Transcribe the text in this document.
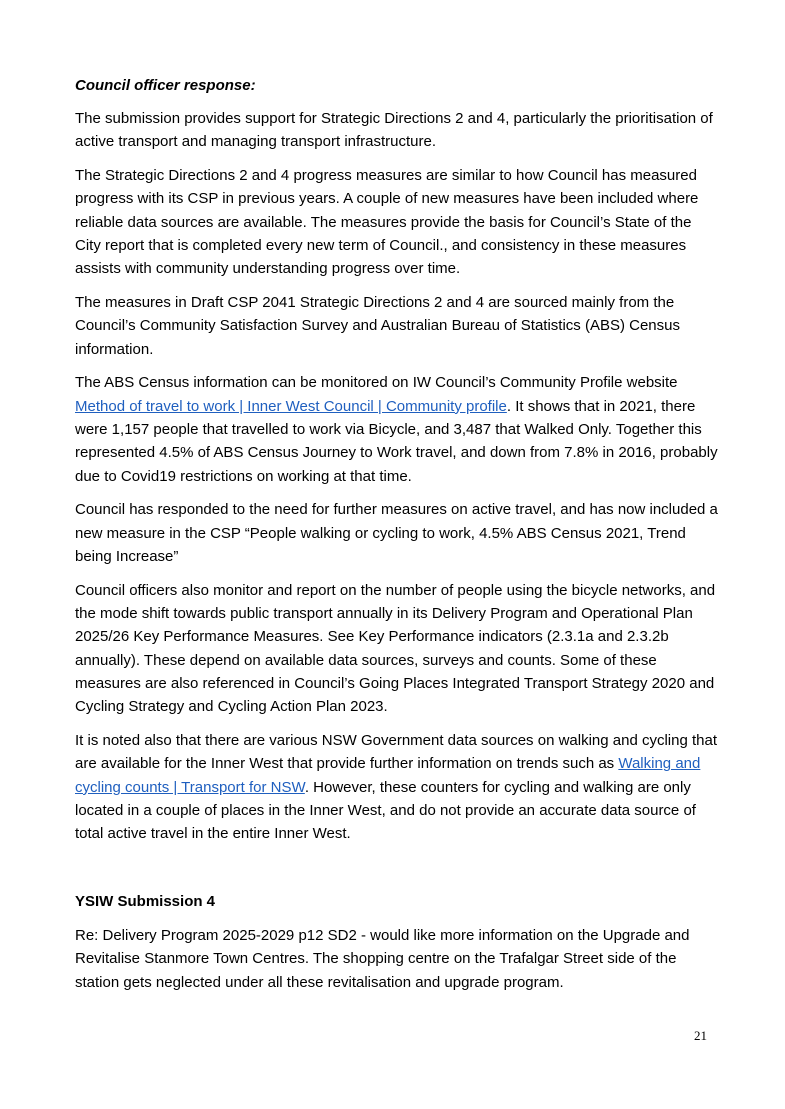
Council officer response:

The submission provides support for Strategic Directions 2 and 4, particularly the prioritisation of active transport and managing transport infrastructure.

The Strategic Directions 2 and 4 progress measures are similar to how Council has measured progress with its CSP in previous years. A couple of new measures have been included where reliable data sources are available. The measures provide the basis for Council’s State of the City report that is completed every new term of Council., and consistency in these measures assists with community understanding progress over time.

The measures in Draft CSP 2041 Strategic Directions 2 and 4 are sourced mainly from the Council’s Community Satisfaction Survey and Australian Bureau of Statistics (ABS) Census information.

The ABS Census information can be monitored on IW Council’s Community Profile website Method of travel to work | Inner West Council | Community profile. It shows that in 2021, there were 1,157 people that travelled to work via Bicycle, and 3,487 that Walked Only. Together this represented 4.5% of ABS Census Journey to Work travel, and down from 7.8% in 2016, probably due to Covid19 restrictions on working at that time.

Council has responded to the need for further measures on active travel, and has now included a new measure in the CSP “People walking or cycling to work, 4.5% ABS Census 2021, Trend being Increase”

Council officers also monitor and report on the number of people using the bicycle networks, and the mode shift towards public transport annually in its Delivery Program and Operational Plan 2025/26 Key Performance Measures. See Key Performance indicators (2.3.1a and 2.3.2b annually). These depend on available data sources, surveys and counts. Some of these measures are also referenced in Council’s Going Places Integrated Transport Strategy 2020 and Cycling Strategy and Cycling Action Plan 2023.

It is noted also that there are various NSW Government data sources on walking and cycling that are available for the Inner West that provide further information on trends such as Walking and cycling counts | Transport for NSW. However, these counters for cycling and walking are only located in a couple of places in the Inner West, and do not provide an accurate data source of total active travel in the entire Inner West.

YSIW Submission 4

Re: Delivery Program 2025-2029 p12 SD2 - would like more information on the Upgrade and Revitalise Stanmore Town Centres. The shopping centre on the Trafalgar Street side of the station gets neglected under all these revitalisation and upgrade program.

21
